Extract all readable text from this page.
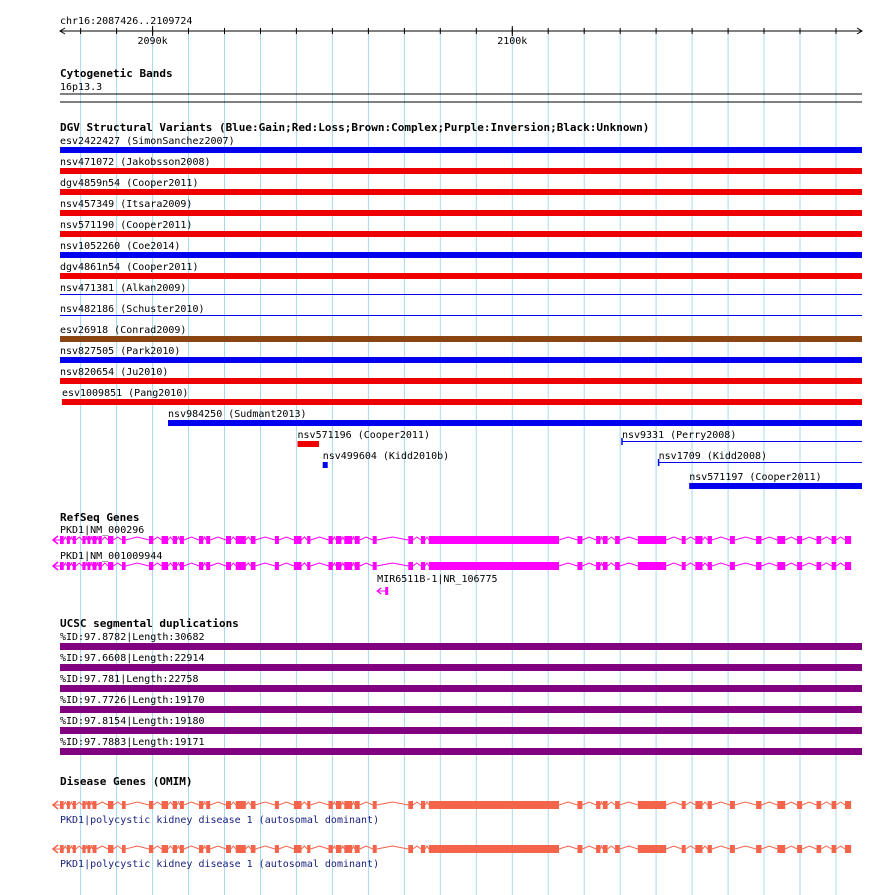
chr16:2087426..2109724
2090k	2100k
Cytogenetic Bands
16p13.3
DGV Structural Variants (Blue:Gain;Red:Loss;Brown:Complex;Purple:Inversion;Black:Unknown)
esv2422427 (SimonSanchez2007)
nsv471072 (Jakobsson2008)
dgv4859n54 (Cooper2011)
nsv457349 (Itsara2009)
nsv571190 (Cooper2011)
nsv1052260 (Coe2014)
dgv4861n54 (Cooper2011)
nsv471381 (Alkan2009)
nsv482186 (Schuster2010)
esv26918 (Conrad2009)
nsv827505 (Park2010)
nsv820654 (Ju2010)
esv1009851 (Pang2010)
nsv984250 (Sudmant2013)
nsv571196 (Cooper2011)	nsv9331 (Perry2008)
nsv499604 (Kidd2010b)	nsv1709 (Kidd2008)
nsv571197 (Cooper2011)
RefSeq Genes
PKD1|NM_000296
PKD1|NM_001009944
MIR6511B-1|NR_106775
UCSC segmental duplications
%ID:97.8782|Length:30682
%ID:97.6608|Length:22914
%ID:97.781|Length:22758
%ID:97.7726|Length:19170
%ID:97.8154|Length:19180
%ID:97.7883|Length:19171
Disease Genes (OMIM)
PKD1|polycystic kidney disease 1 (autosomal dominant)
PKD1|polycystic kidney disease 1 (autosomal dominant)
